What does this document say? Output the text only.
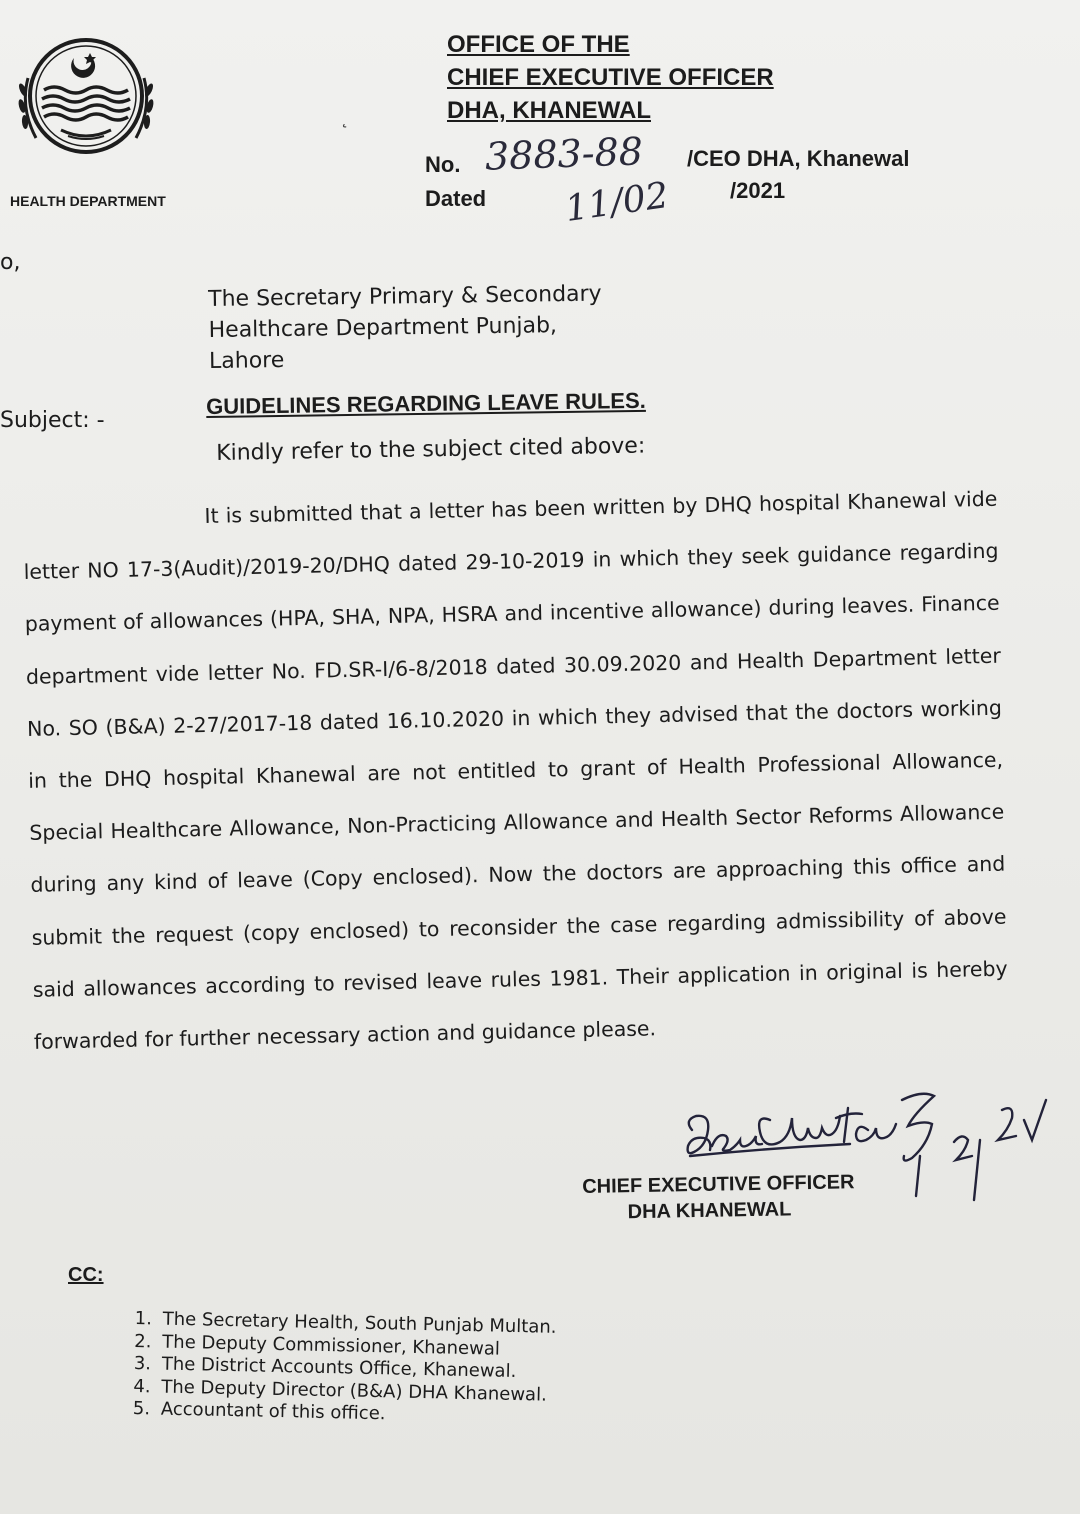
HEALTH DEPARTMENT
˛
OFFICE OF THE
CHIEF EXECUTIVE OFFICER
DHA, KHANEWAL
No.	/CEO DHA, Khanewal
Dated	/2021
3883-88
11/02
o,
The Secretary Primary & Secondary
Healthcare Department Punjab,
Lahore
Subject: -
GUIDELINES REGARDING LEAVE RULES.
Kindly refer to the subject cited above:

It is submitted that a letter has been written by DHQ hospital Khanewal vide letter NO 17-3(Audit)/2019-20/DHQ dated 29-10-2019 in which they seek guidance regarding payment of allowances (HPA, SHA, NPA, HSRA and incentive allowance) during leaves. Finance department vide letter No. FD.SR-I/6-8/2018 dated 30.09.2020 and Health Department letter No. SO (B&A) 2-27/2017-18 dated 16.10.2020 in which they advised that the doctors working in the DHQ hospital Khanewal are not entitled to grant of Health Professional Allowance, Special Healthcare Allowance, Non-Practicing Allowance and Health Sector Reforms Allowance during any kind of leave (Copy enclosed). Now the doctors are approaching this office and submit the request (copy enclosed) to reconsider the case regarding admissibility of above said allowances according to revised leave rules 1981. Their application in original is hereby forwarded for further necessary action and guidance please.

CHIEF EXECUTIVE OFFICER
DHA KHANEWAL
CC:
1. The Secretary Health, South Punjab Multan.
2. The Deputy Commissioner, Khanewal
3. The District Accounts Office, Khanewal.
4. The Deputy Director (B&A) DHA Khanewal.
5. Accountant of this office.
